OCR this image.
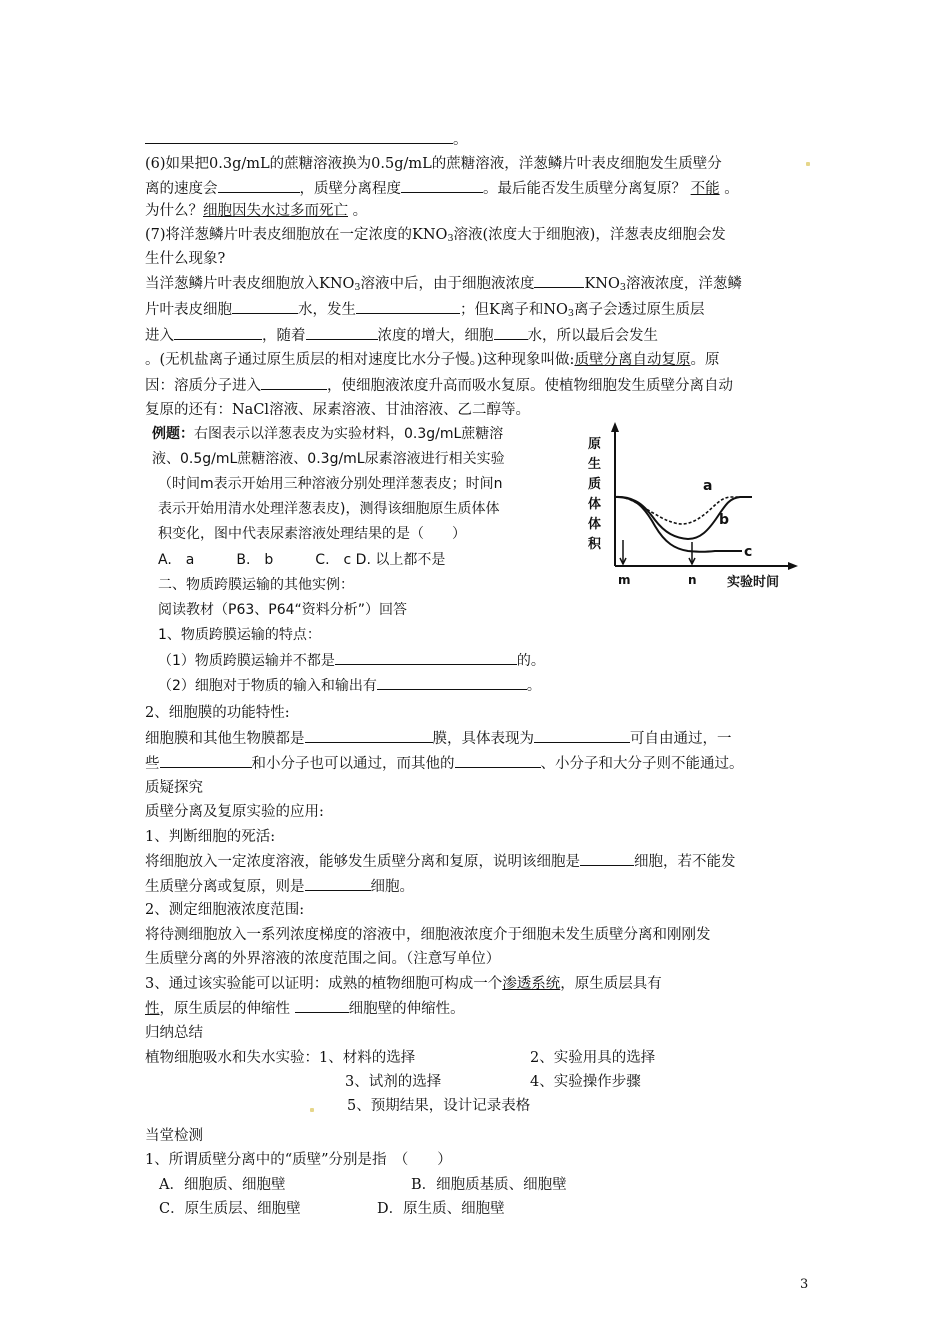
。
(6)如果把0.3g/mL的蔗糖溶液换为0.5g/mL的蔗糖溶液，洋葱鳞片叶表皮细胞发生质壁分
离的速度会	，质壁分离程度	。最后能否发生质壁分离复原？ 不能 。
为什么？细胞因失水过多而死亡 。
(7)将洋葱鳞片叶表皮细胞放在一定浓度的$KNO_3$溶液(浓度大于细胞液)，洋葱表皮细胞会发
生什么现象?
当洋葱鳞片叶表皮细胞放入$KNO_3$溶液中后，由于细胞液浓度	$KNO_3$溶液浓度，洋葱鳞
片叶表皮细胞	水，发生	；但K离子和$NO_3$离子会透过原生质层
进入	，随着	浓度的增大，细胞 水，所以最后会发生
。(无机盐离子通过原生质层的相对速度比水分子慢。)这种现象叫做:质壁分离自动复原。原
因：溶质分子进入	，使细胞液浓度升高而吸水复原。使植物细胞发生质壁分离自动
复原的还有：NaCl溶液、尿素溶液、甘油溶液、乙二醇等。
例题：右图表示以洋葱表皮为实验材料，0.3g/mL蔗糖溶
液、0.5g/mL蔗糖溶液、0.3g/mL尿素溶液进行相关实验
（时间m表示开始用三种溶液分别处理洋葱表皮；时间n
表示开始用清水处理洋葱表皮)，测得该细胞原生质体体
积变化，图中代表尿素溶液处理结果的是（　　）
A.　a　　　B.　b　　　C.　c D. 以上都不是
原 生 质 体 体 积
a
b
c
m	n 实验时间
二、物质跨膜运输的其他实例：
阅读教材（P63、P64“资料分析”）回答
1、物质跨膜运输的特点：
（1）物质跨膜运输并不都是	的。
（2）细胞对于物质的输入和输出有	。
2、细胞膜的功能特性:
细胞膜和其他生物膜都是	膜，具体表现为	可自由通过，一
些	和小分子也可以通过，而其他的	、小分子和大分子则不能通过。
质疑探究
质壁分离及复原实验的应用:
1、判断细胞的死活:
将细胞放入一定浓度溶液，能够发生质壁分离和复原，说明该细胞是	细胞，若不能发
生质壁分离或复原，则是	细胞。
2、测定细胞液浓度范围:
将待测细胞放入一系列浓度梯度的溶液中，细胞液浓度介于细胞未发生质壁分离和刚刚发
生质壁分离的外界溶液的浓度范围之间。（注意写单位）
3、通过该实验能可以证明：成熟的植物细胞可构成一个渗透系统，原生质层具有
性，原生质层的伸缩性	细胞壁的伸缩性。
归纳总结
植物细胞吸水和失水实验：1、材料的选择	2、实验用具的选择
3、试剂的选择	4、实验操作步骤
5、预期结果，设计记录表格
当堂检测
1、所谓质壁分离中的“质壁”分别是指　（　　）
A．细胞质、细胞壁	B．细胞质基质、细胞壁
C．原生质层、细胞壁	D．原生质、细胞壁
3
